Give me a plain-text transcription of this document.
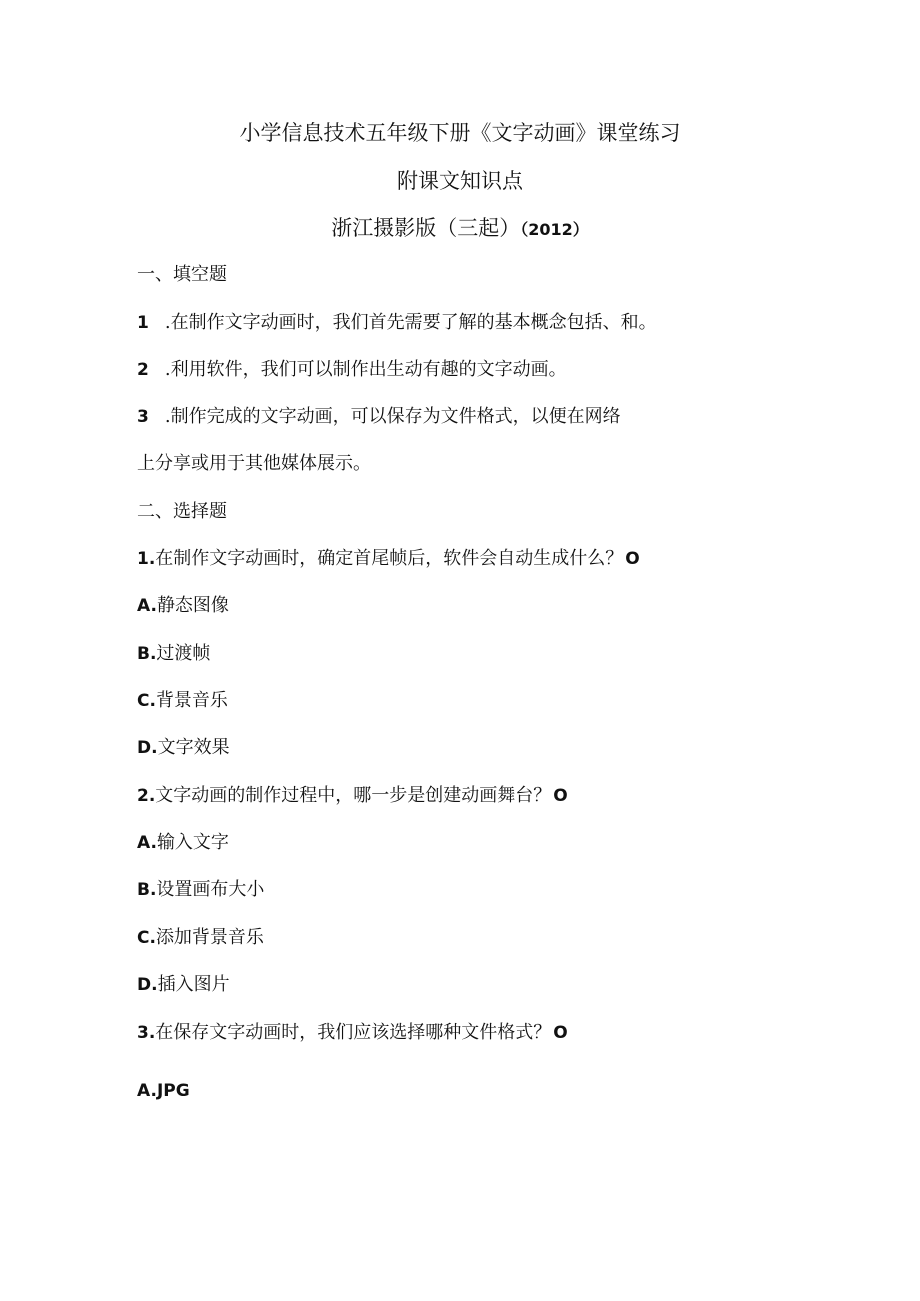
小学信息技术五年级下册《文字动画》课堂练习
附课文知识点
浙江摄影版（三起）（2012）

一、填空题

1 .在制作文字动画时，我们首先需要了解的基本概念包括、和。

2 .利用软件，我们可以制作出生动有趣的文字动画。

3 .制作完成的文字动画，可以保存为文件格式，以便在网络

上分享或用于其他媒体展示。

二、选择题

1.在制作文字动画时，确定首尾帧后，软件会自动生成什么？ O

A.静态图像

B.过渡帧

C.背景音乐

D.文字效果

2.文字动画的制作过程中，哪一步是创建动画舞台？ O

A.输入文字

B.设置画布大小

C.添加背景音乐

D.插入图片

3.在保存文字动画时，我们应该选择哪种文件格式？ O

A.JPG
